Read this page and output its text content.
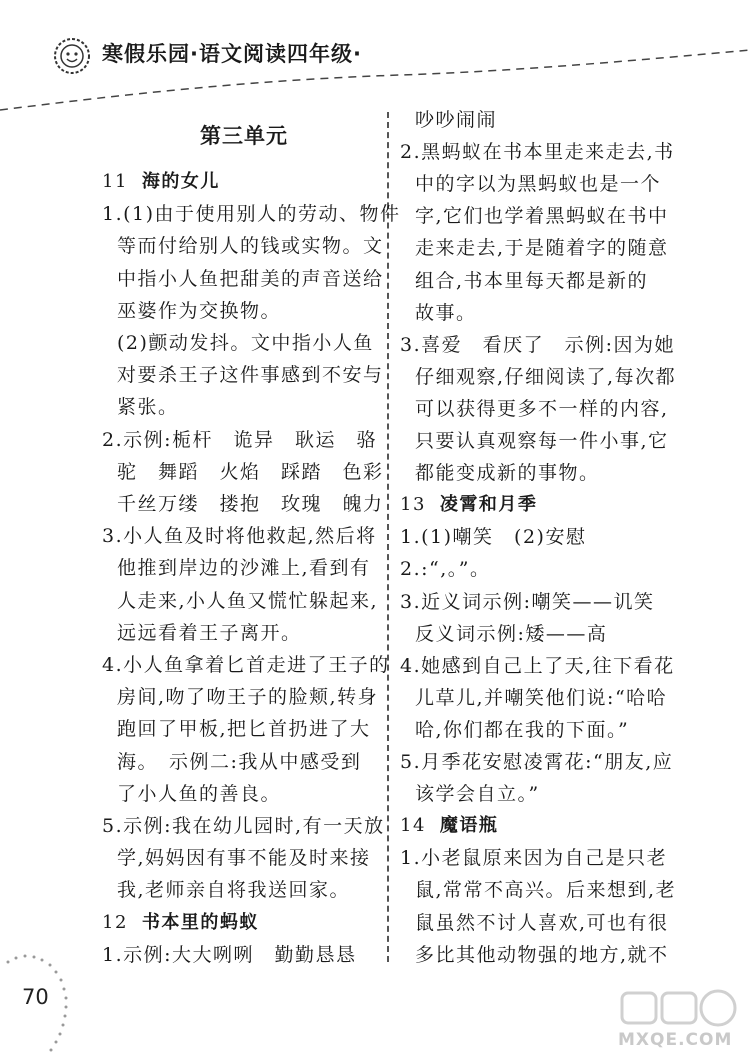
寒假乐园·语文阅读四年级·
第三单元
11 海的女儿
1.(1)由于使用别人的劳动、物件
等而付给别人的钱或实物。文
中指小人鱼把甜美的声音送给
巫婆作为交换物。
(2)颤动发抖。文中指小人鱼
对要杀王子这件事感到不安与
紧张。
2.示例:栀杆　诡异　耿运　骆
驼　舞蹈　火焰　踩踏　色彩
千丝万缕　搂抱　玫瑰　魄力
3.小人鱼及时将他救起,然后将
他推到岸边的沙滩上,看到有
人走来,小人鱼又慌忙躲起来,
远远看着王子离开。
4.小人鱼拿着匕首走进了王子的
房间,吻了吻王子的脸颊,转身
跑回了甲板,把匕首扔进了大
海。　示例二:我从中感受到
了小人鱼的善良。
5.示例:我在幼儿园时,有一天放
学,妈妈因有事不能及时来接
我,老师亲自将我送回家。
12 书本里的蚂蚁
1.示例:大大咧咧　勤勤恳恳
吵吵闹闹
2.黑蚂蚁在书本里走来走去,书
中的字以为黑蚂蚁也是一个
字,它们也学着黑蚂蚁在书中
走来走去,于是随着字的随意
组合,书本里每天都是新的
故事。
3.喜爱　看厌了　示例:因为她
仔细观察,仔细阅读了,每次都
可以获得更多不一样的内容,
只要认真观察每一件小事,它
都能变成新的事物。
13 凌霄和月季
1.(1)嘲笑　(2)安慰
2.:“,。”。
3.近义词示例:嘲笑——讥笑
反义词示例:矮——高
4.她感到自己上了天,往下看花
儿草儿,并嘲笑他们说:“哈哈
哈,你们都在我的下面。”
5.月季花安慰凌霄花:“朋友,应
该学会自立。”
14 魔语瓶
1.小老鼠原来因为自己是只老
鼠,常常不高兴。后来想到,老
鼠虽然不讨人喜欢,可也有很
多比其他动物强的地方,就不
70
MXQE.COM
